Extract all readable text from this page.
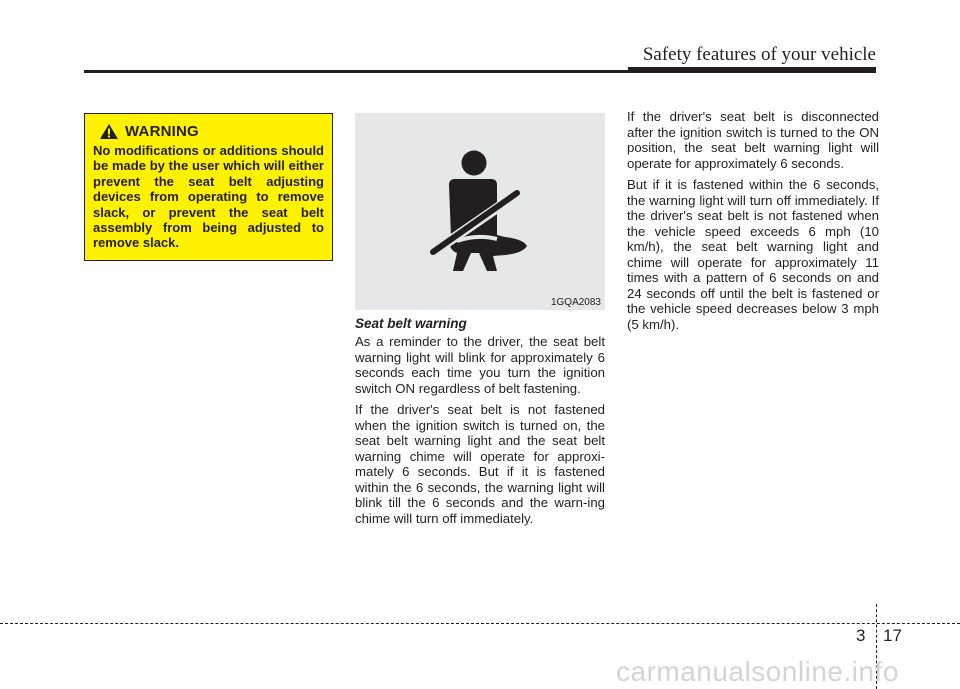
Safety features of your vehicle
WARNING
No modifications or additions should be made by the user which will either prevent the seat belt adjusting devices from operating to remove slack, or prevent the seat belt assembly from being adjusted to remove slack.
1GQA2083
Seat belt warning

As a reminder to the driver, the seat belt warning light will blink for approximately 6 seconds each time you turn the ignition switch ON regardless of belt fastening.

If the driver's seat belt is not fastened when the ignition switch is turned on, the seat belt warning light and the seat belt warning chime will operate for approxi-mately 6 seconds. But if it is fastened within the 6 seconds, the warning light will blink till the 6 seconds and the warn-ing chime will turn off immediately.

If the driver's seat belt is disconnected after the ignition switch is turned to the ON position, the seat belt warning light will operate for approximately 6 seconds.

But if it is fastened within the 6 seconds, the warning light will turn off immediately. If the driver's seat belt is not fastened when the vehicle speed exceeds 6 mph (10 km/h), the seat belt warning light and chime will operate for approximately 11 times with a pattern of 6 seconds on and 24 seconds off until the belt is fastened or the vehicle speed decreases below 3 mph (5 km/h).

3 17
carmanualsonline.info
